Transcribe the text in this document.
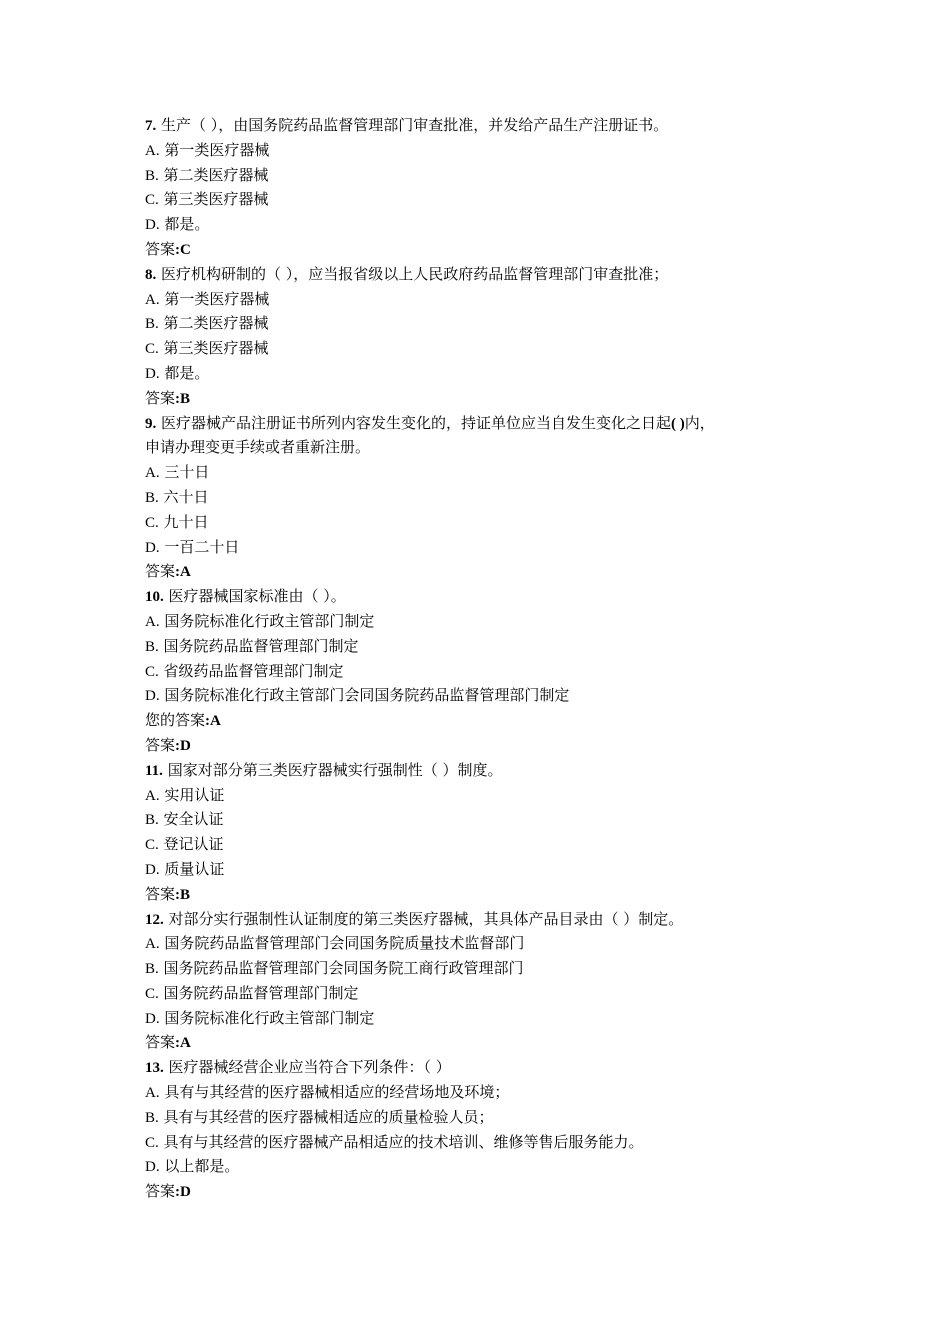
7. 生产（ ），由国务院药品监督管理部门审查批准，并发给产品生产注册证书。
A. 第一类医疗器械
B. 第二类医疗器械
C. 第三类医疗器械
D. 都是。
答案:C
8. 医疗机构研制的（ ），应当报省级以上人民政府药品监督管理部门审查批准；
A. 第一类医疗器械
B. 第二类医疗器械
C. 第三类医疗器械
D. 都是。
答案:B
9. 医疗器械产品注册证书所列内容发生变化的，持证单位应当自发生变化之日起( )内，
申请办理变更手续或者重新注册。
A. 三十日
B. 六十日
C. 九十日
D. 一百二十日
答案:A
10. 医疗器械国家标准由（ ）。
A. 国务院标准化行政主管部门制定
B. 国务院药品监督管理部门制定
C. 省级药品监督管理部门制定
D. 国务院标准化行政主管部门会同国务院药品监督管理部门制定
您的答案:A
答案:D
11. 国家对部分第三类医疗器械实行强制性（ ）制度。
A. 实用认证
B. 安全认证
C. 登记认证
D. 质量认证
答案:B
12. 对部分实行强制性认证制度的第三类医疗器械，其具体产品目录由（ ）制定。
A. 国务院药品监督管理部门会同国务院质量技术监督部门
B. 国务院药品监督管理部门会同国务院工商行政管理部门
C. 国务院药品监督管理部门制定
D. 国务院标准化行政主管部门制定
答案:A
13. 医疗器械经营企业应当符合下列条件：（ ）
A. 具有与其经营的医疗器械相适应的经营场地及环境；
B. 具有与其经营的医疗器械相适应的质量检验人员；
C. 具有与其经营的医疗器械产品相适应的技术培训、维修等售后服务能力。
D. 以上都是。
答案:D
